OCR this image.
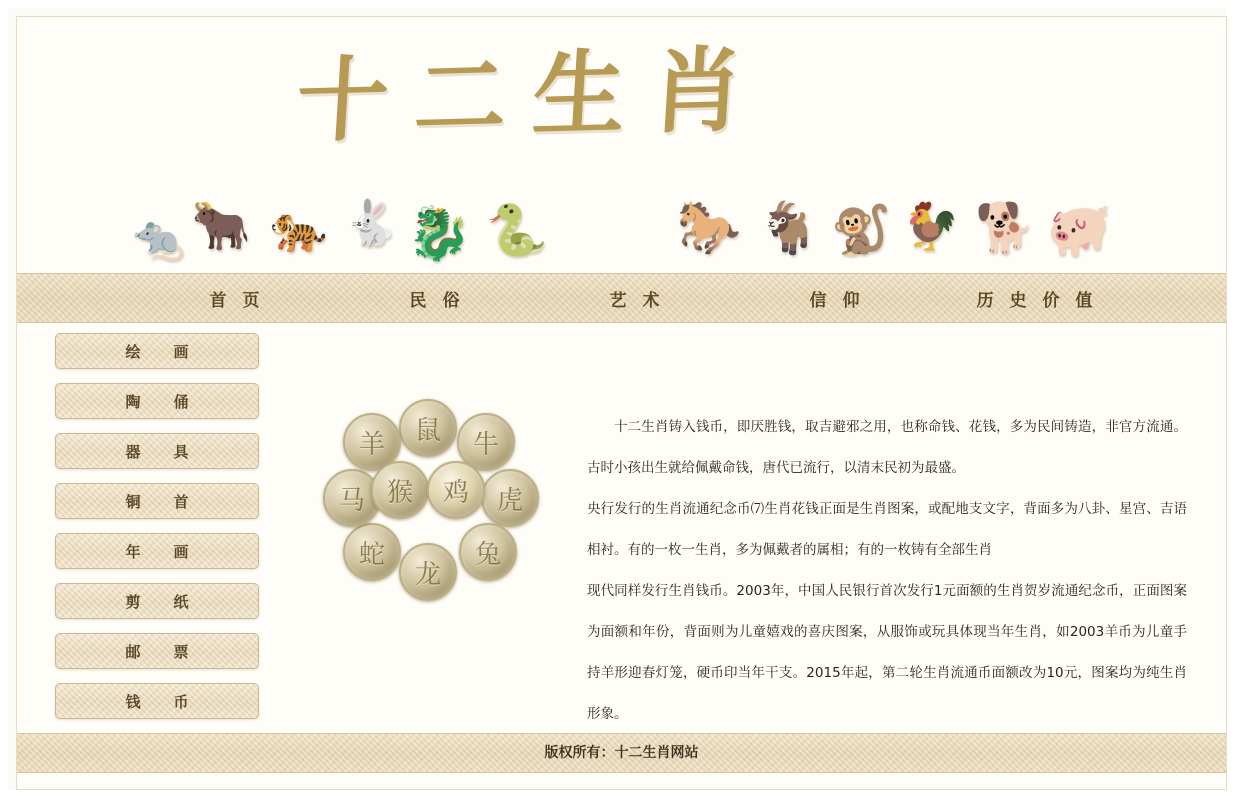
十二生肖
🐀 🐂 🐅 🐇 🐉 🐍 🐎 🐐 🐒 🐓 🐕 🐖
首 页	民 俗	艺 术	信 仰	历 史 价 值
绘　画
陶　俑
器　具
铜　首
年　画
剪　纸
邮　票
钱　币
鼠	牛
虎
兔
龙
蛇
马
羊
猴	鸡

十二生肖铸入钱币，即厌胜钱，取吉避邪之用，也称命钱、花钱，多为民间铸造，非官方流通。古时小孩出生就给佩戴命钱，唐代已流行，以清末民初为最盛。

央行发行的生肖流通纪念币⑺生肖花钱正面是生肖图案，或配地支文字，背面多为八卦、星宫、吉语相衬。有的一枚一生肖，多为佩戴者的属相；有的一枚铸有全部生肖

现代同样发行生肖钱币。2003年，中国人民银行首次发行1元面额的生肖贺岁流通纪念币，正面图案为面额和年份，背面则为儿童嬉戏的喜庆图案，从服饰或玩具体现当年生肖，如2003羊币为儿童手持羊形迎春灯笼，硬币印当年干支。2015年起，第二轮生肖流通币面额改为10元，图案均为纯生肖形象。

版权所有：十二生肖网站
